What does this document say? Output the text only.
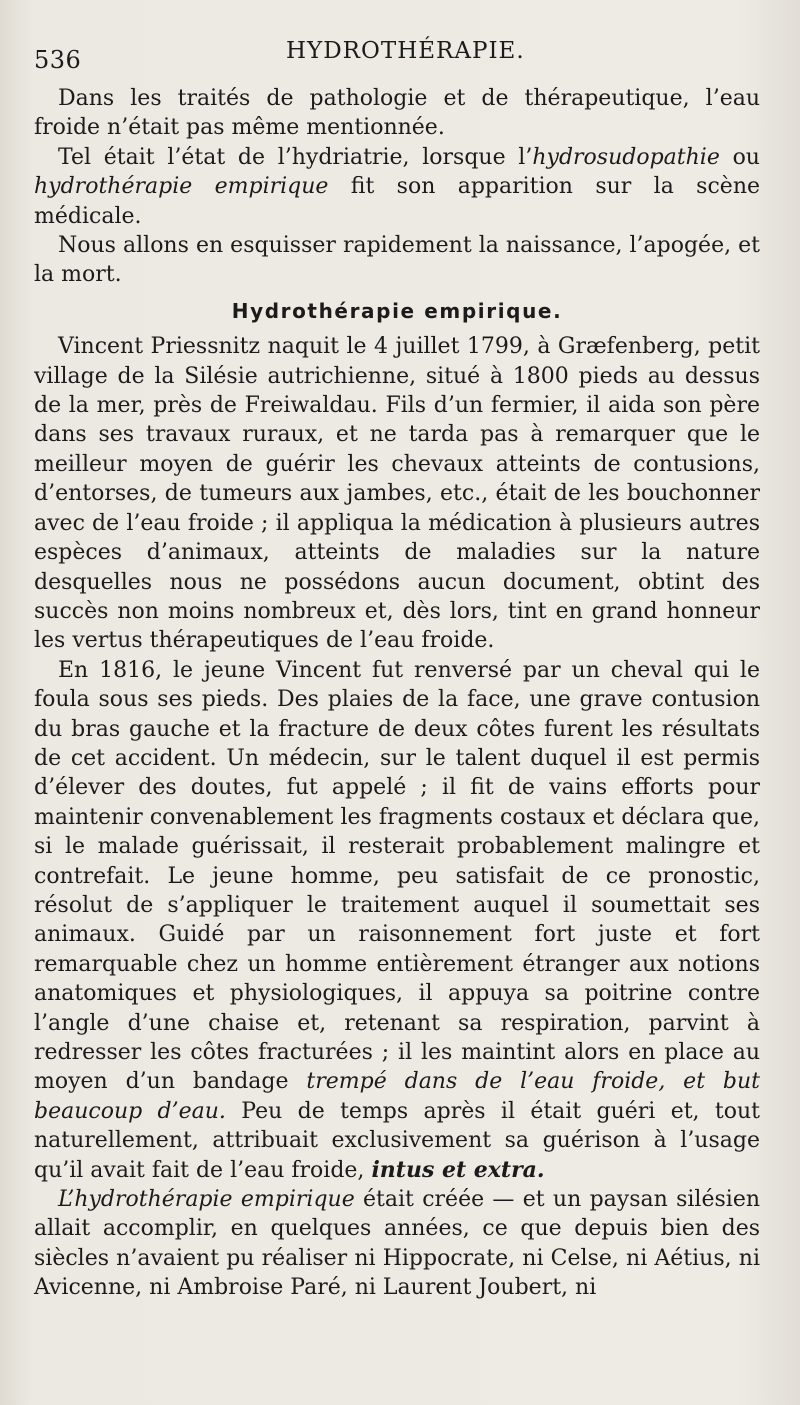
536	HYDROTHÉRAPIE.

Dans les traités de pathologie et de thérapeutique, l’eau froide n’était pas même mentionnée.

Tel était l’état de l’hydriatrie, lorsque l’hydrosudopathie ou hydrothérapie empirique fit son apparition sur la scène médicale.

Nous allons en esquisser rapidement la naissance, l’apogée, et la mort.

Hydrothérapie empirique.

Vincent Priessnitz naquit le 4 juillet 1799, à Græfenberg, petit village de la Silésie autrichienne, situé à 1800 pieds au dessus de la mer, près de Freiwaldau. Fils d’un fermier, il aida son père dans ses travaux ruraux, et ne tarda pas à remarquer que le meilleur moyen de guérir les chevaux atteints de contusions, d’entorses, de tumeurs aux jambes, etc., était de les bouchonner avec de l’eau froide ; il appliqua la médication à plusieurs autres espèces d’animaux, atteints de maladies sur la nature desquelles nous ne possédons aucun document, obtint des succès non moins nombreux et, dès lors, tint en grand honneur les vertus thérapeutiques de l’eau froide.

En 1816, le jeune Vincent fut renversé par un cheval qui le foula sous ses pieds. Des plaies de la face, une grave contusion du bras gauche et la fracture de deux côtes furent les résultats de cet accident. Un médecin, sur le talent duquel il est permis d’élever des doutes, fut appelé ; il fit de vains efforts pour maintenir convenablement les fragments costaux et déclara que, si le malade guérissait, il resterait probablement malingre et contrefait. Le jeune homme, peu satisfait de ce pronostic, résolut de s’appliquer le traitement auquel il soumettait ses animaux. Guidé par un raisonnement fort juste et fort remarquable chez un homme entièrement étranger aux notions anatomiques et physiologiques, il appuya sa poitrine contre l’angle d’une chaise et, retenant sa respiration, parvint à redresser les côtes fracturées ; il les maintint alors en place au moyen d’un bandage trempé dans de l’eau froide, et but beaucoup d’eau. Peu de temps après il était guéri et, tout naturellement, attribuait exclusivement sa guérison à l’usage qu’il avait fait de l’eau froide, intus et extra.

L’hydrothérapie empirique était créée — et un paysan silésien allait accomplir, en quelques années, ce que depuis bien des siècles n’avaient pu réaliser ni Hippocrate, ni Celse, ni Aétius, ni Avicenne, ni Ambroise Paré, ni Laurent Joubert, ni
